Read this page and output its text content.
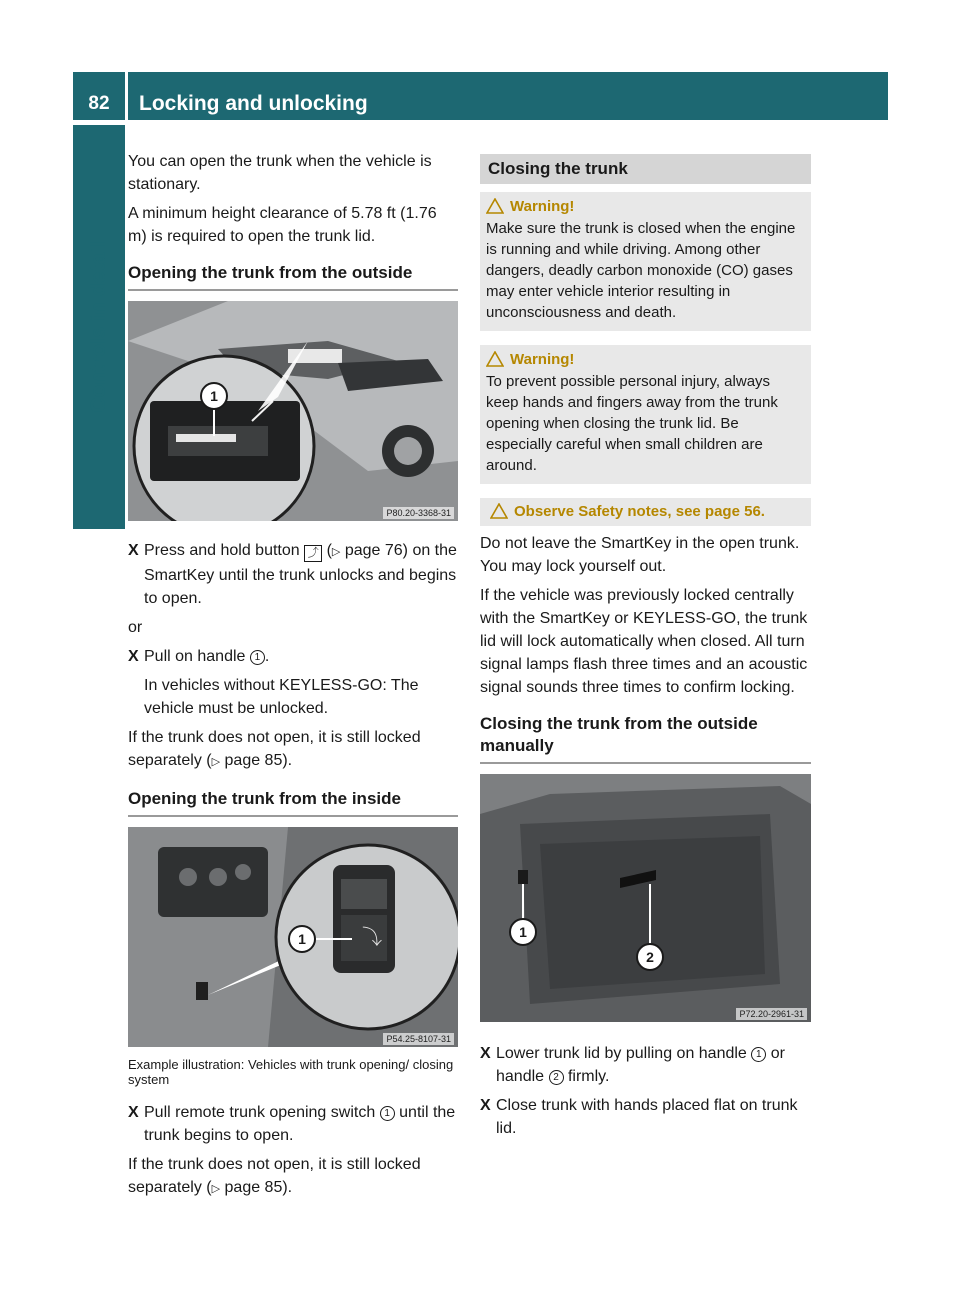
82	Locking and unlocking
Controls in detail

You can open the trunk when the vehicle is stationary.

A minimum height clearance of 5.78 ft (1.76 m) is required to open the trunk lid.

Opening the trunk from the outside
1
P80.20-3368-31
X Press and hold button ⤴ (▷ page 76) on the SmartKey until the trunk unlocks and begins to open.

or

X Pull on handle 1 .

In vehicles without KEYLESS-GO: The vehicle must be unlocked.

If the trunk does not open, it is still locked separately (▷ page 85).

Opening the trunk from the inside
⤵
1
P54.25-8107-31
Example illustration: Vehicles with trunk opening/ closing system
X Pull remote trunk opening switch 1 until the trunk begins to open.

If the trunk does not open, it is still locked separately (▷ page 85).

Closing the trunk
Warning!
Make sure the trunk is closed when the engine is running and while driving. Among other dangers, deadly carbon monoxide (CO) gases may enter vehicle interior resulting in unconsciousness and death.
Warning!
To prevent possible personal injury, always keep hands and fingers away from the trunk opening when closing the trunk lid. Be especially careful when small children are around.
Observe Safety notes, see page 56.

Do not leave the SmartKey in the open trunk. You may lock yourself out.

If the vehicle was previously locked centrally with the SmartKey or KEYLESS-GO, the trunk lid will lock automatically when closed. All turn signal lamps flash three times and an acoustic signal sounds three times to confirm locking.

Closing the trunk from the outside manually
1
2
P72.20-2961-31
X Lower trunk lid by pulling on handle 1 or handle 2 firmly.
X Close trunk with hands placed flat on trunk lid.
